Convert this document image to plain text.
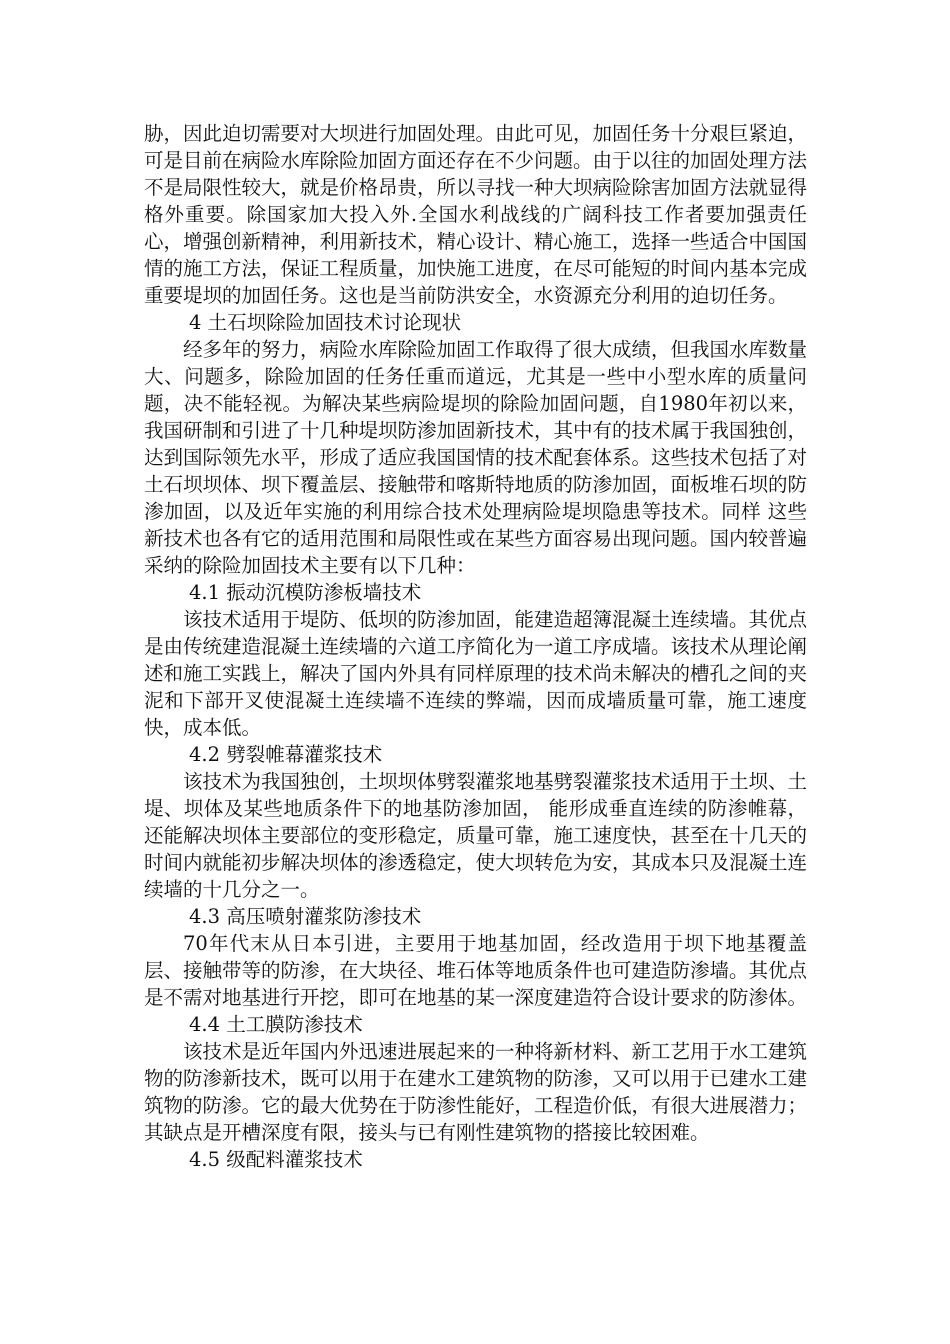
胁，因此迫切需要对大坝进行加固处理。由此可见，加固任务十分艰巨紧迫，可是目前在病险水库除险加固方面还存在不少问题。由于以往的加固处理方法不是局限性较大，就是价格昂贵，所以寻找一种大坝病险除害加固方法就显得格外重要。除国家加大投入外.全国水利战线的广阔科技工作者要加强责任心，增强创新精神，利用新技术，精心设计、精心施工，选择一些适合中国国情的施工方法，保证工程质量，加快施工进度，在尽可能短的时间内基本完成重要堤坝的加固任务。这也是当前防洪安全，水资源充分利用的迫切任务。

4 土石坝除险加固技术讨论现状

经多年的努力，病险水库除险加固工作取得了很大成绩，但我国水库数量大、问题多，除险加固的任务任重而道远，尤其是一些中小型水库的质量问题，决不能轻视。为解决某些病险堤坝的除险加固问题，自1980年初以来，我国研制和引进了十几种堤坝防渗加固新技术，其中有的技术属于我国独创，达到国际领先水平，形成了适应我国国情的技术配套体系。这些技术包括了对土石坝坝体、坝下覆盖层、接触带和喀斯特地质的防渗加固，面板堆石坝的防渗加固，以及近年实施的利用综合技术处理病险堤坝隐患等技术。同样 这些新技术也各有它的适用范围和局限性或在某些方面容易出现问题。国内较普遍采纳的除险加固技术主要有以下几种：

4.1 振动沉模防渗板墙技术

该技术适用于堤防、低坝的防渗加固，能建造超簿混凝土连续墙。其优点是由传统建造混凝土连续墙的六道工序简化为一道工序成墙。该技术从理论阐述和施工实践上，解决了国内外具有同样原理的技术尚未解决的槽孔之间的夹泥和下部开叉使混凝土连续墙不连续的弊端，因而成墙质量可靠，施工速度快，成本低。

4.2 劈裂帷幕灌浆技术

该技术为我国独创，土坝坝体劈裂灌浆地基劈裂灌浆技术适用于土坝、土堤、坝体及某些地质条件下的地基防渗加固， 能形成垂直连续的防渗帷幕，还能解决坝体主要部位的变形稳定，质量可靠，施工速度快，甚至在十几天的时间内就能初步解决坝体的渗透稳定，使大坝转危为安，其成本只及混凝土连续墙的十几分之一。

4.3 高压喷射灌浆防渗技术

70年代末从日本引进，主要用于地基加固，经改造用于坝下地基覆盖层、接触带等的防渗，在大块径、堆石体等地质条件也可建造防渗墙。其优点是不需对地基进行开挖，即可在地基的某一深度建造符合设计要求的防渗体。

4.4 土工膜防渗技术

该技术是近年国内外迅速进展起来的一种将新材料、新工艺用于水工建筑物的防渗新技术，既可以用于在建水工建筑物的防渗，又可以用于已建水工建筑物的防渗。它的最大优势在于防渗性能好，工程造价低，有很大进展潜力；其缺点是开槽深度有限，接头与已有刚性建筑物的搭接比较困难。

4.5 级配料灌浆技术
